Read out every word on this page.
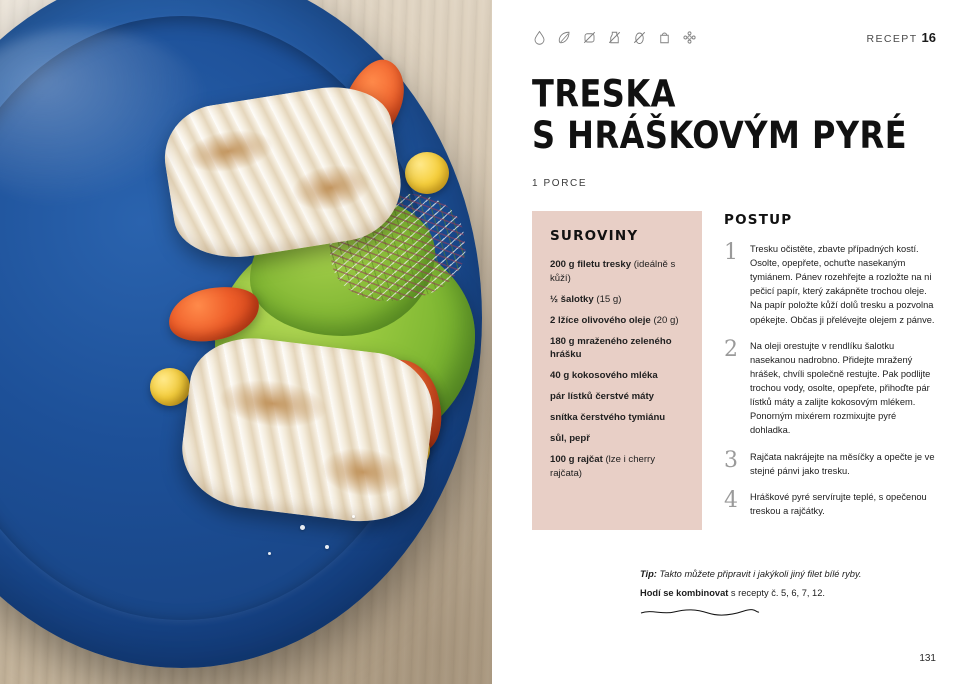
RECEPT 16
TRESKA
S HRÁŠKOVÝM PYRÉ
1 PORCE
SUROVINY
200 g filetu tresky (ideálně s kůží)
½ šalotky (15 g)
2 lžíce olivového oleje (20 g)
180 g mraženého zeleného hrášku
40 g kokosového mléka
pár lístků čerstvé máty
snítka čerstvého tymiánu
sůl, pepř
100 g rajčat (lze i cherry rajčata)
POSTUP
1 Tresku očistěte, zbavte případných kostí. Osolte, opepřete, ochuťte nasekaným tymiánem. Pánev rozehřejte a rozložte na ni pečicí papír, který zakápněte trochou oleje. Na papír položte kůží dolů tresku a pozvolna opékejte. Občas ji přelévejte olejem z pánve.
2 Na oleji orestujte v rendlíku šalotku nasekanou nadrobno. Přidejte mražený hrášek, chvíli společně restujte. Pak podlijte trochou vody, osolte, opepřete, přihoďte pár lístků máty a zalijte kokosovým mlékem. Ponorným mixérem rozmixujte pyré dohladka.
3 Rajčata nakrájejte na měsíčky a opečte je ve stejné pánvi jako tresku.
4 Hráškové pyré servírujte teplé, s opečenou treskou a rajčátky.
Tip: Takto můžete připravit i jakýkoli jiný filet bílé ryby.
Hodí se kombinovat s recepty č. 5, 6, 7, 12.
131
